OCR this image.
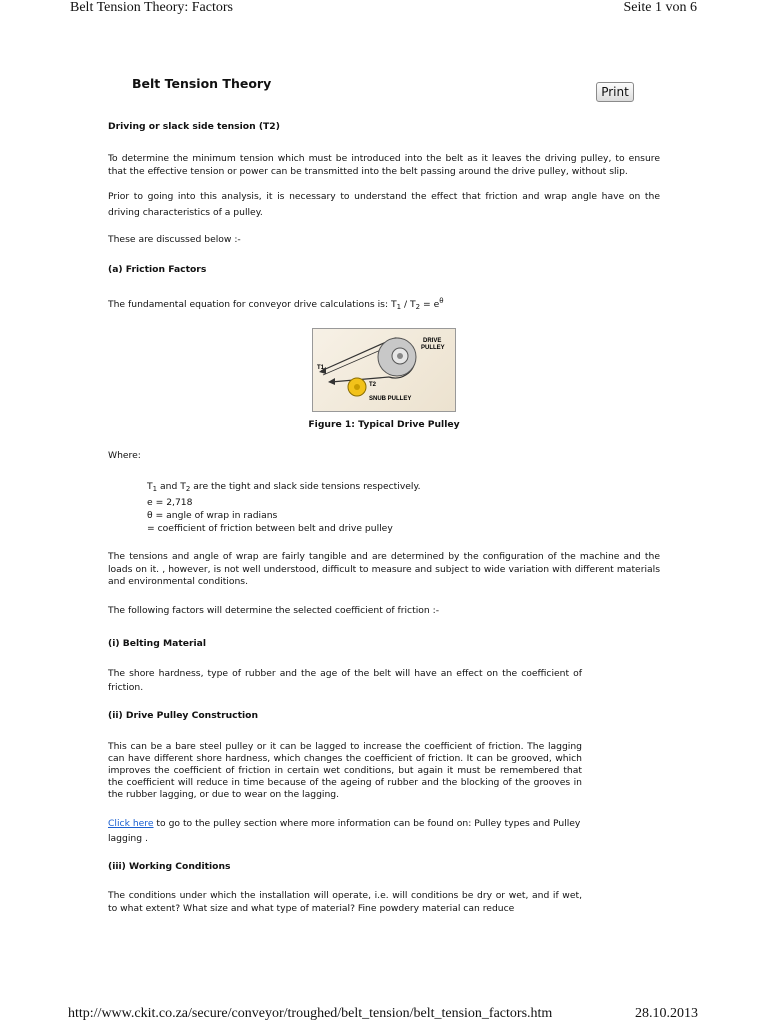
Belt Tension Theory: Factors	Seite 1 von 6
Belt Tension Theory
Print

Driving or slack side tension (T2)

To determine the minimum tension which must be introduced into the belt as it leaves the driving pulley, to ensure that the effective tension or power can be transmitted into the belt passing around the drive pulley, without slip.

Prior to going into this analysis, it is necessary to understand the effect that friction and wrap angle have on the driving characteristics of a pulley.

These are discussed below :-

(a) Friction Factors

The fundamental equation for conveyor drive calculations is: $T_1 / T_2 = e^\theta$

DRIVE
PULLEY
T1
T2
SNUB PULLEY

Figure 1: Typical Drive Pulley

Where:

$T_1$ and $T_2$ are the tight and slack side tensions respectively.

e = 2,718

θ = angle of wrap in radians

= coefficient of friction between belt and drive pulley

The tensions and angle of wrap are fairly tangible and are determined by the configuration of the machine and the loads on it. , however, is not well understood, difficult to measure and subject to wide variation with different materials and environmental conditions.

The following factors will determine the selected coefficient of friction :-

(i) Belting Material

The shore hardness, type of rubber and the age of the belt will have an effect on the coefficient of friction.

(ii) Drive Pulley Construction

This can be a bare steel pulley or it can be lagged to increase the coefficient of friction. The lagging can have different shore hardness, which changes the coefficient of friction. It can be grooved, which improves the coefficient of friction in certain wet conditions, but again it must be remembered that the coefficient will reduce in time because of the ageing of rubber and the blocking of the grooves in the rubber lagging, or due to wear on the lagging.

Click here to go to the pulley section where more information can be found on: Pulley types and Pulley lagging .

(iii) Working Conditions

The conditions under which the installation will operate, i.e. will conditions be dry or wet, and if wet, to what extent? What size and what type of material? Fine powdery material can reduce

http://www.ckit.co.za/secure/conveyor/troughed/belt_tension/belt_tension_factors.htm	28.10.2013
